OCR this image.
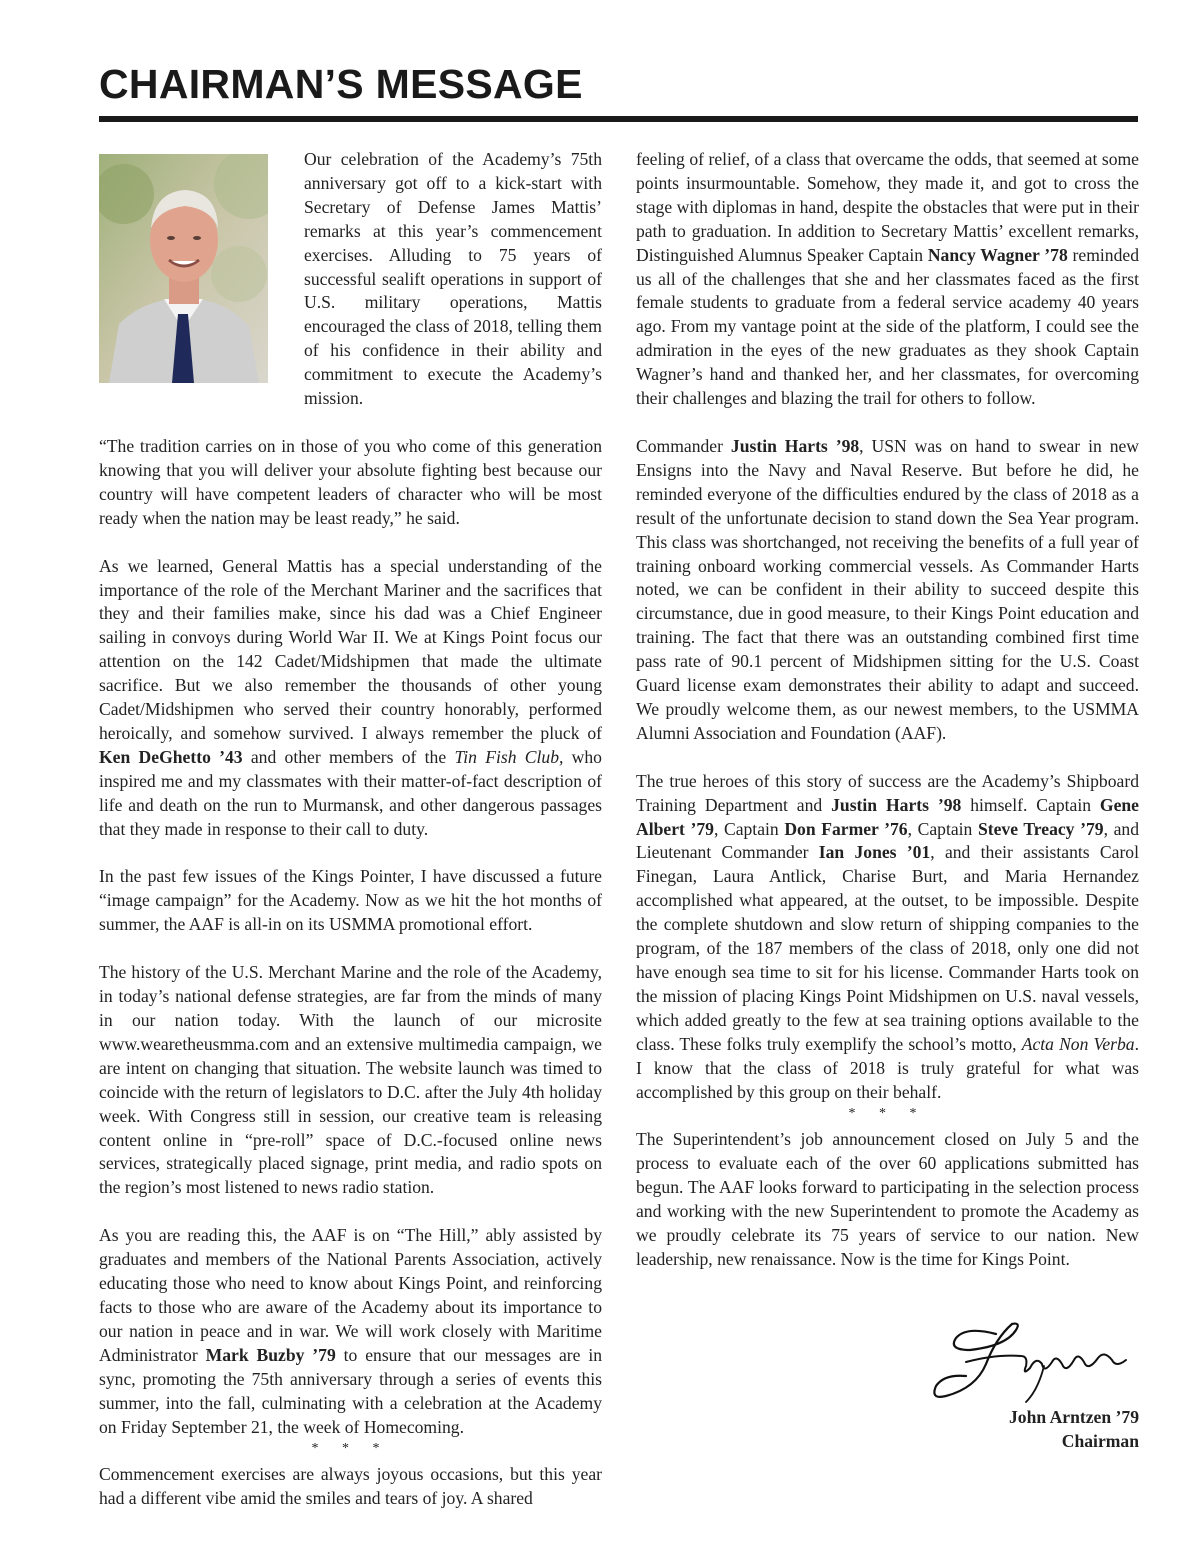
CHAIRMAN’S MESSAGE

Our celebration of the Academy’s 75th anniversary got off to a kick-start with Secretary of Defense James Mattis’ remarks at this year’s commencement exercises. Alluding to 75 years of successful sealift operations in support of U.S. military operations, Mattis encouraged the class of 2018, telling them of his confidence in their ability and commitment to execute the Academy’s mission.

“The tradition carries on in those of you who come of this generation knowing that you will deliver your absolute fighting best because our country will have competent leaders of character who will be most ready when the nation may be least ready,” he said.

As we learned, General Mattis has a special understanding of the importance of the role of the Merchant Mariner and the sacrifices that they and their families make, since his dad was a Chief Engineer sailing in convoys during World War II. We at Kings Point focus our attention on the 142 Cadet/Midshipmen that made the ultimate sacrifice. But we also remember the thousands of other young Cadet/Midshipmen who served their country honorably, performed heroically, and somehow survived. I always remember the pluck of Ken DeGhetto ’43 and other members of the Tin Fish Club, who inspired me and my classmates with their matter-of-fact description of life and death on the run to Murmansk, and other dangerous passages that they made in response to their call to duty.

In the past few issues of the Kings Pointer, I have discussed a future “image campaign” for the Academy. Now as we hit the hot months of summer, the AAF is all-in on its USMMA promotional effort.

The history of the U.S. Merchant Marine and the role of the Academy, in today’s national defense strategies, are far from the minds of many in our nation today. With the launch of our microsite www.wearetheusmma.com and an extensive multimedia campaign, we are intent on changing that situation. The website launch was timed to coincide with the return of legislators to D.C. after the July 4th holiday week. With Congress still in session, our creative team is releasing content online in “pre-roll” space of D.C.-focused online news services, strategically placed signage, print media, and radio spots on the region’s most listened to news radio station.

As you are reading this, the AAF is on “The Hill,” ably assisted by graduates and members of the National Parents Association, actively educating those who need to know about Kings Point, and reinforcing facts to those who are aware of the Academy about its importance to our nation in peace and in war. We will work closely with Maritime Administrator Mark Buzby ’79 to ensure that our messages are in sync, promoting the 75th anniversary through a series of events this summer, into the fall, culminating with a celebration at the Academy on Friday September 21, the week of Homecoming.

* * *

Commencement exercises are always joyous occasions, but this year had a different vibe amid the smiles and tears of joy. A shared

feeling of relief, of a class that overcame the odds, that seemed at some points insurmountable. Somehow, they made it, and got to cross the stage with diplomas in hand, despite the obstacles that were put in their path to graduation. In addition to Secretary Mattis’ excellent remarks, Distinguished Alumnus Speaker Captain Nancy Wagner ’78 reminded us all of the challenges that she and her classmates faced as the first female students to graduate from a federal service academy 40 years ago. From my vantage point at the side of the platform, I could see the admiration in the eyes of the new graduates as they shook Captain Wagner’s hand and thanked her, and her classmates, for overcoming their challenges and blazing the trail for others to follow.

Commander Justin Harts ’98, USN was on hand to swear in new Ensigns into the Navy and Naval Reserve. But before he did, he reminded everyone of the difficulties endured by the class of 2018 as a result of the unfortunate decision to stand down the Sea Year program. This class was shortchanged, not receiving the benefits of a full year of training onboard working commercial vessels. As Commander Harts noted, we can be confident in their ability to succeed despite this circumstance, due in good measure, to their Kings Point education and training. The fact that there was an outstanding combined first time pass rate of 90.1 percent of Midshipmen sitting for the U.S. Coast Guard license exam demonstrates their ability to adapt and succeed. We proudly welcome them, as our newest members, to the USMMA Alumni Association and Foundation (AAF).

The true heroes of this story of success are the Academy’s Shipboard Training Department and Justin Harts ’98 himself. Captain Gene Albert ’79, Captain Don Farmer ’76, Captain Steve Treacy ’79, and Lieutenant Commander Ian Jones ’01, and their assistants Carol Finegan, Laura Antlick, Charise Burt, and Maria Hernandez accomplished what appeared, at the outset, to be impossible. Despite the complete shutdown and slow return of shipping companies to the program, of the 187 members of the class of 2018, only one did not have enough sea time to sit for his license. Commander Harts took on the mission of placing Kings Point Midshipmen on U.S. naval vessels, which added greatly to the few at sea training options available to the class. These folks truly exemplify the school’s motto, Acta Non Verba. I know that the class of 2018 is truly grateful for what was accomplished by this group on their behalf.

* * *

The Superintendent’s job announcement closed on July 5 and the process to evaluate each of the over 60 applications submitted has begun. The AAF looks forward to participating in the selection process and working with the new Superintendent to promote the Academy as we proudly celebrate its 75 years of service to our nation. New leadership, new renaissance. Now is the time for Kings Point.

John Arntzen ’79
Chairman
